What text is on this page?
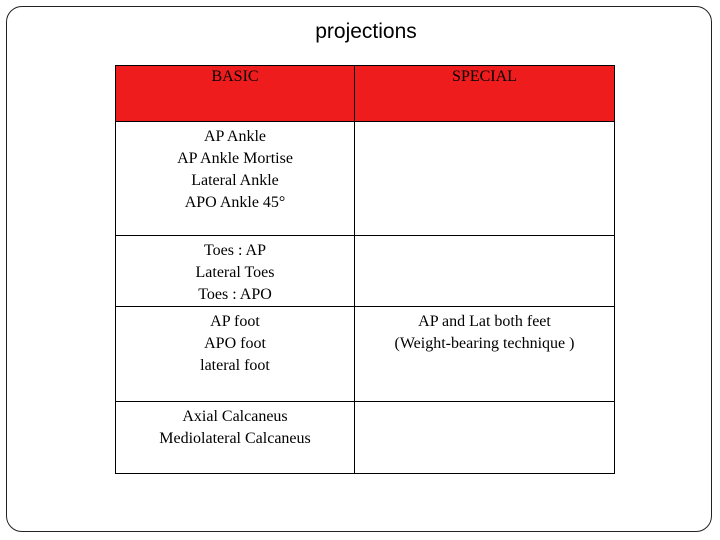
projections
BASIC	SPECIAL

AP Ankle
AP Ankle Mortise
Lateral Ankle
APO Ankle 45°	

Toes : AP
Lateral Toes
Toes : APO	

AP foot
APO foot
lateral foot	AP and Lat both feet
(Weight-bearing technique )

Axial Calcaneus
Mediolateral Calcaneus	
